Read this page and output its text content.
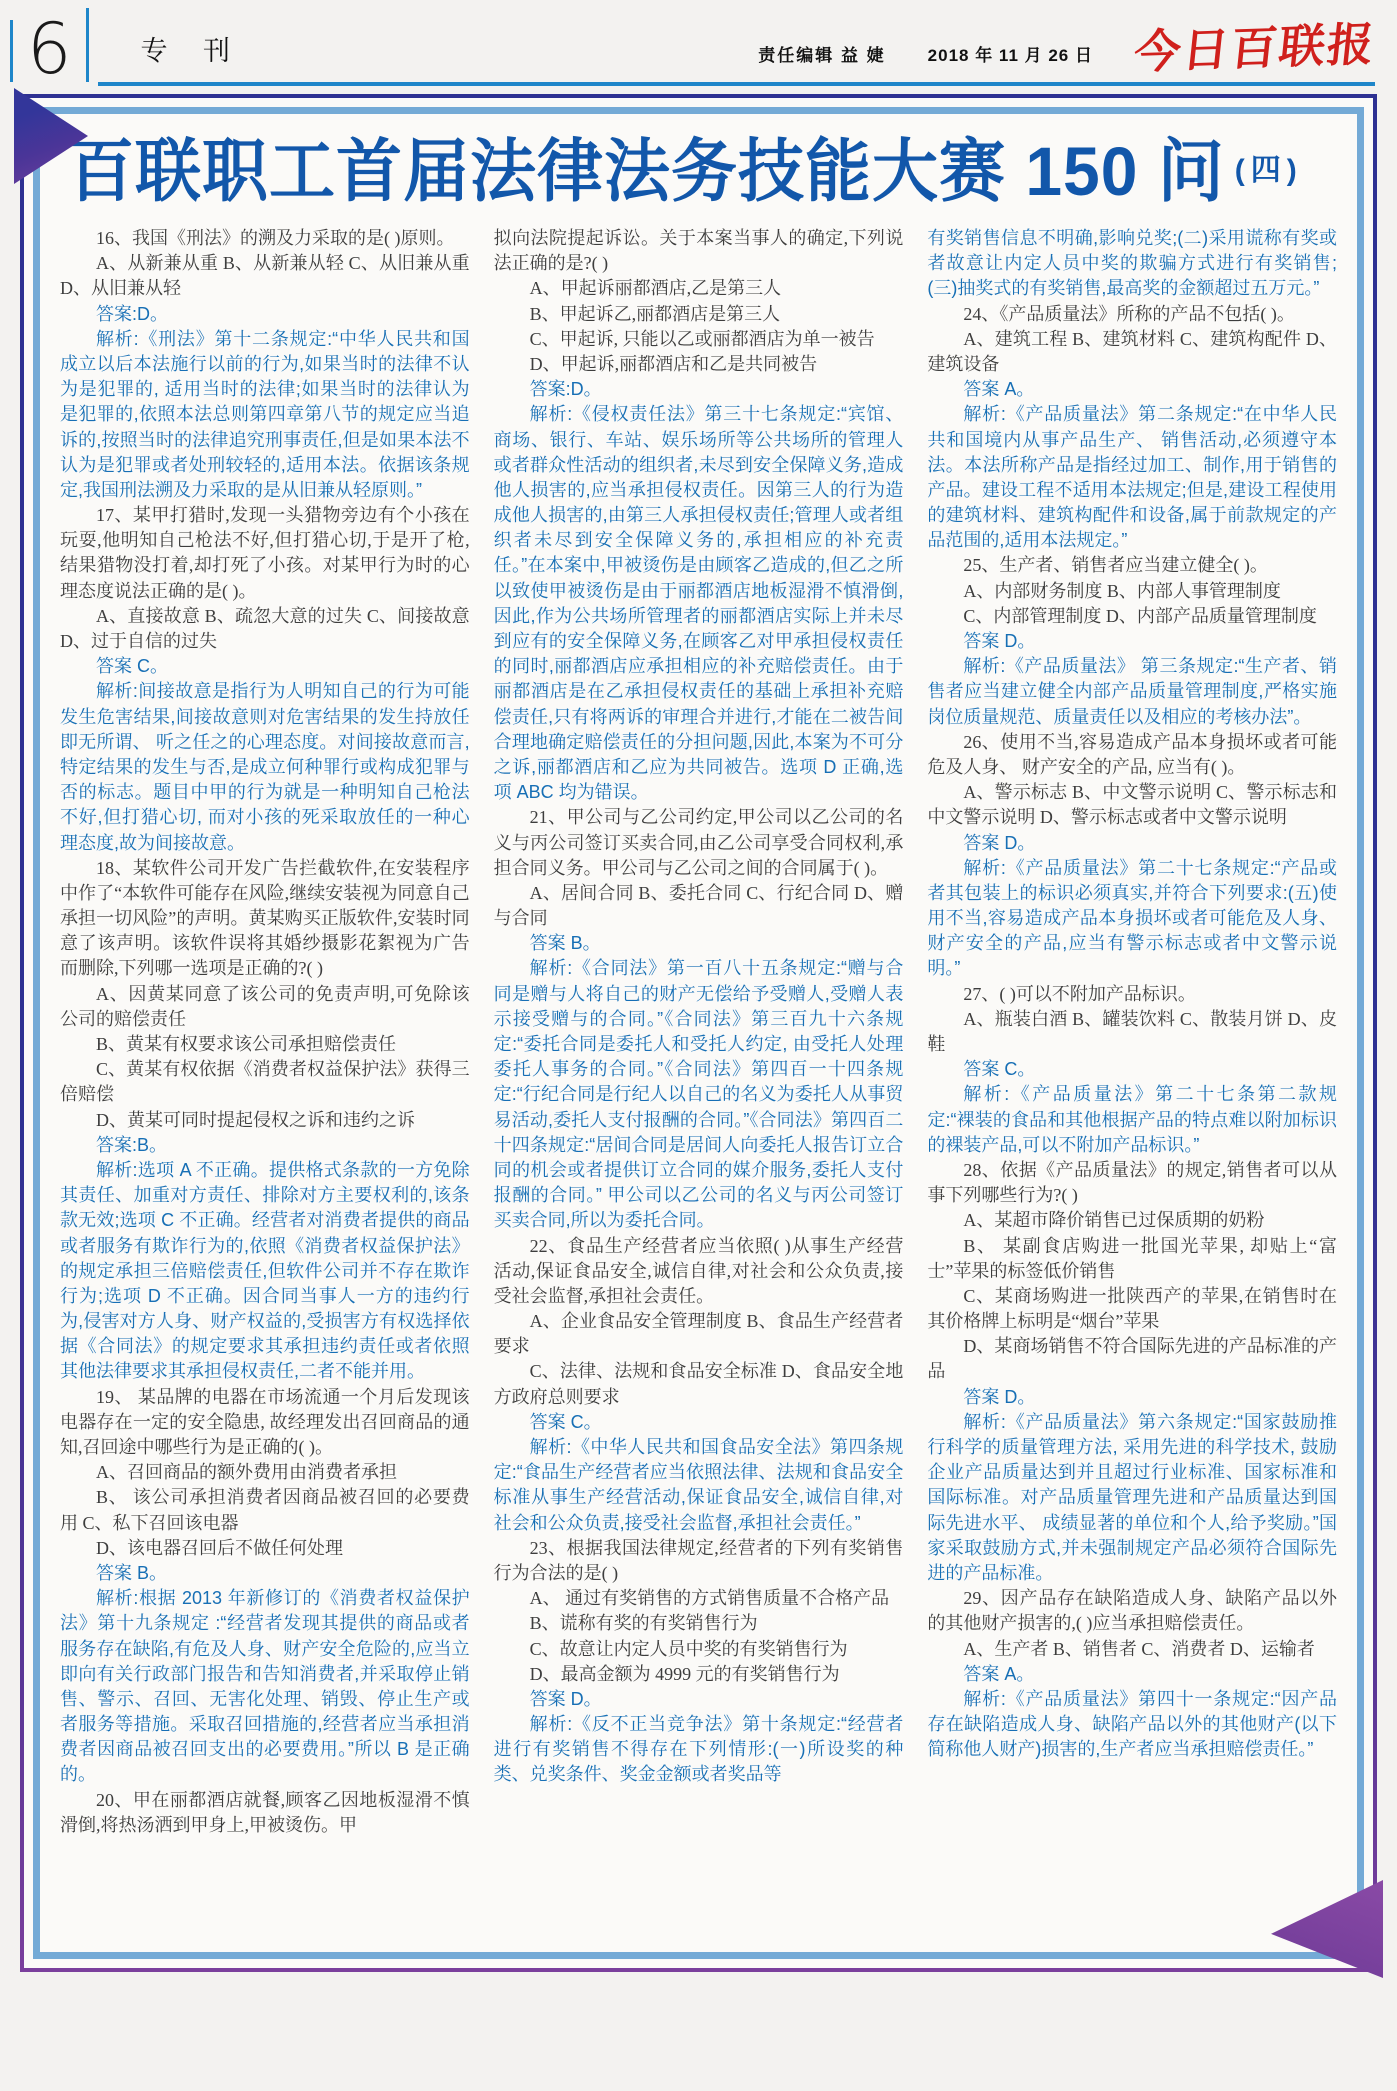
6	专 刊	责任编辑 益 婕 2018 年 11 月 26 日 今日百联报
百联职工首届法律法务技能大赛 150 问 $^{(四)}$

16、我国《刑法》的溯及力采取的是( )原则。

A、从新兼从重 B、从新兼从轻 C、从旧兼从重 D、从旧兼从轻

答案:D。

解析:《刑法》第十二条规定:“中华人民共和国成立以后本法施行以前的行为,如果当时的法律不认为是犯罪的, 适用当时的法律;如果当时的法律认为是犯罪的,依照本法总则第四章第八节的规定应当追诉的,按照当时的法律追究刑事责任,但是如果本法不认为是犯罪或者处刑较轻的,适用本法。依据该条规定,我国刑法溯及力采取的是从旧兼从轻原则。”

17、某甲打猎时,发现一头猎物旁边有个小孩在玩耍,他明知自己枪法不好,但打猎心切,于是开了枪,结果猎物没打着,却打死了小孩。对某甲行为时的心理态度说法正确的是( )。

A、直接故意 B、疏忽大意的过失 C、间接故意 D、过于自信的过失

答案 C。

解析:间接故意是指行为人明知自己的行为可能发生危害结果,间接故意则对危害结果的发生持放任即无所谓、 听之任之的心理态度。对间接故意而言,特定结果的发生与否,是成立何种罪行或构成犯罪与否的标志。题目中甲的行为就是一种明知自己枪法不好,但打猎心切, 而对小孩的死采取放任的一种心理态度,故为间接故意。

18、某软件公司开发广告拦截软件,在安装程序中作了“本软件可能存在风险,继续安装视为同意自己承担一切风险”的声明。黄某购买正版软件,安装时同意了该声明。该软件误将其婚纱摄影花絮视为广告而删除,下列哪一选项是正确的?( )

A、因黄某同意了该公司的免责声明,可免除该公司的赔偿责任

B、黄某有权要求该公司承担赔偿责任

C、黄某有权依据《消费者权益保护法》获得三倍赔偿

D、黄某可同时提起侵权之诉和违约之诉

答案:B。

解析:选项 A 不正确。提供格式条款的一方免除其责任、加重对方责任、排除对方主要权利的,该条款无效;选项 C 不正确。经营者对消费者提供的商品或者服务有欺诈行为的,依照《消费者权益保护法》的规定承担三倍赔偿责任,但软件公司并不存在欺诈行为;选项 D 不正确。因合同当事人一方的违约行为,侵害对方人身、财产权益的,受损害方有权选择依据《合同法》的规定要求其承担违约责任或者依照其他法律要求其承担侵权责任,二者不能并用。

19、 某品牌的电器在市场流通一个月后发现该电器存在一定的安全隐患, 故经理发出召回商品的通知,召回途中哪些行为是正确的( )。

A、召回商品的额外费用由消费者承担

B、 该公司承担消费者因商品被召回的必要费用 C、私下召回该电器

D、该电器召回后不做任何处理

答案 B。

解析:根据 2013 年新修订的《消费者权益保护法》第十九条规定 :“经营者发现其提供的商品或者服务存在缺陷,有危及人身、财产安全危险的,应当立即向有关行政部门报告和告知消费者,并采取停止销售、警示、召回、无害化处理、销毁、停止生产或者服务等措施。采取召回措施的,经营者应当承担消费者因商品被召回支出的必要费用。”所以 B 是正确的。

20、甲在丽都酒店就餐,顾客乙因地板湿滑不慎滑倒,将热汤洒到甲身上,甲被烫伤。甲

拟向法院提起诉讼。关于本案当事人的确定,下列说法正确的是?( )

A、甲起诉丽都酒店,乙是第三人

B、甲起诉乙,丽都酒店是第三人

C、甲起诉, 只能以乙或丽都酒店为单一被告

D、甲起诉,丽都酒店和乙是共同被告

答案:D。

解析:《侵权责任法》第三十七条规定:“宾馆、商场、银行、车站、娱乐场所等公共场所的管理人或者群众性活动的组织者,未尽到安全保障义务,造成他人损害的,应当承担侵权责任。因第三人的行为造成他人损害的,由第三人承担侵权责任;管理人或者组织者未尽到安全保障义务的,承担相应的补充责任。”在本案中,甲被烫伤是由顾客乙造成的,但乙之所以致使甲被烫伤是由于丽都酒店地板湿滑不慎滑倒,因此,作为公共场所管理者的丽都酒店实际上并未尽到应有的安全保障义务,在顾客乙对甲承担侵权责任的同时,丽都酒店应承担相应的补充赔偿责任。由于丽都酒店是在乙承担侵权责任的基础上承担补充赔偿责任,只有将两诉的审理合并进行,才能在二被告间合理地确定赔偿责任的分担问题,因此,本案为不可分之诉,丽都酒店和乙应为共同被告。选项 D 正确,选项 ABC 均为错误。

21、甲公司与乙公司约定,甲公司以乙公司的名义与丙公司签订买卖合同,由乙公司享受合同权利,承担合同义务。甲公司与乙公司之间的合同属于( )。

A、居间合同 B、委托合同 C、行纪合同 D、赠与合同

答案 B。

解析:《合同法》第一百八十五条规定:“赠与合同是赠与人将自己的财产无偿给予受赠人,受赠人表示接受赠与的合同。”《合同法》第三百九十六条规定:“委托合同是委托人和受托人约定, 由受托人处理委托人事务的合同。”《合同法》第四百一十四条规定:“行纪合同是行纪人以自己的名义为委托人从事贸易活动,委托人支付报酬的合同。”《合同法》第四百二十四条规定:“居间合同是居间人向委托人报告订立合同的机会或者提供订立合同的媒介服务,委托人支付报酬的合同。” 甲公司以乙公司的名义与丙公司签订买卖合同,所以为委托合同。

22、食品生产经营者应当依照( )从事生产经营活动,保证食品安全,诚信自律,对社会和公众负责,接受社会监督,承担社会责任。

A、企业食品安全管理制度 B、食品生产经营者要求

C、法律、法规和食品安全标准 D、食品安全地方政府总则要求

答案 C。

解析:《中华人民共和国食品安全法》第四条规定:“食品生产经营者应当依照法律、法规和食品安全标准从事生产经营活动,保证食品安全,诚信自律,对社会和公众负责,接受社会监督,承担社会责任。”

23、根据我国法律规定,经营者的下列有奖销售行为合法的是( )

A、 通过有奖销售的方式销售质量不合格产品

B、谎称有奖的有奖销售行为

C、故意让内定人员中奖的有奖销售行为

D、最高金额为 4999 元的有奖销售行为

答案 D。

解析:《反不正当竞争法》第十条规定:“经营者进行有奖销售不得存在下列情形:(一)所设奖的种类、兑奖条件、奖金金额或者奖品等

有奖销售信息不明确,影响兑奖;(二)采用谎称有奖或者故意让内定人员中奖的欺骗方式进行有奖销售;(三)抽奖式的有奖销售,最高奖的金额超过五万元。”

24、《产品质量法》所称的产品不包括( )。

A、建筑工程 B、建筑材料 C、建筑构配件 D、建筑设备

答案 A。

解析:《产品质量法》第二条规定:“在中华人民共和国境内从事产品生产、 销售活动,必须遵守本法。本法所称产品是指经过加工、制作,用于销售的产品。建设工程不适用本法规定;但是,建设工程使用的建筑材料、建筑构配件和设备,属于前款规定的产品范围的,适用本法规定。”

25、生产者、销售者应当建立健全( )。

A、内部财务制度 B、内部人事管理制度

C、内部管理制度 D、内部产品质量管理制度

答案 D。

解析:《产品质量法》 第三条规定:“生产者、销售者应当建立健全内部产品质量管理制度,严格实施岗位质量规范、质量责任以及相应的考核办法”。

26、使用不当,容易造成产品本身损坏或者可能危及人身、 财产安全的产品, 应当有( )。

A、警示标志 B、中文警示说明 C、警示标志和中文警示说明 D、警示标志或者中文警示说明

答案 D。

解析:《产品质量法》第二十七条规定:“产品或者其包装上的标识必须真实,并符合下列要求:(五)使用不当,容易造成产品本身损坏或者可能危及人身、财产安全的产品,应当有警示标志或者中文警示说明。”

27、( )可以不附加产品标识。

A、瓶装白酒 B、罐装饮料 C、散装月饼 D、皮鞋

答案 C。

解析:《产品质量法》第二十七条第二款规定:“裸装的食品和其他根据产品的特点难以附加标识的裸装产品,可以不附加产品标识。”

28、依据《产品质量法》的规定,销售者可以从事下列哪些行为?( )

A、某超市降价销售已过保质期的奶粉

B、 某副食店购进一批国光苹果, 却贴上“富士”苹果的标签低价销售

C、某商场购进一批陕西产的苹果,在销售时在其价格牌上标明是“烟台”苹果

D、某商场销售不符合国际先进的产品标准的产品

答案 D。

解析:《产品质量法》第六条规定:“国家鼓励推行科学的质量管理方法, 采用先进的科学技术, 鼓励企业产品质量达到并且超过行业标准、国家标准和国际标准。对产品质量管理先进和产品质量达到国际先进水平、 成绩显著的单位和个人,给予奖励。”国家采取鼓励方式,并未强制规定产品必须符合国际先进的产品标准。

29、因产品存在缺陷造成人身、缺陷产品以外的其他财产损害的,( )应当承担赔偿责任。

A、生产者 B、销售者 C、消费者 D、运输者

答案 A。

解析:《产品质量法》第四十一条规定:“因产品存在缺陷造成人身、缺陷产品以外的其他财产(以下简称他人财产)损害的,生产者应当承担赔偿责任。”
